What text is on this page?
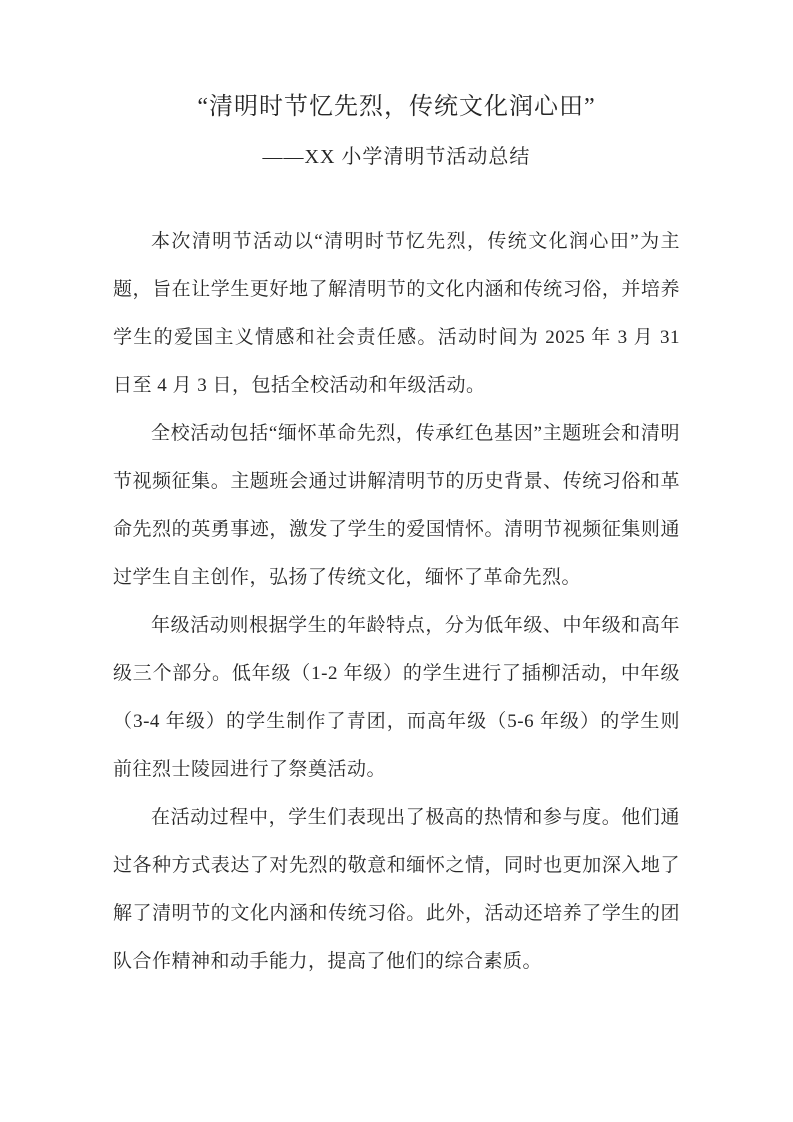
“清明时节忆先烈，传统文化润心田”
——XX 小学清明节活动总结

本次清明节活动以“清明时节忆先烈，传统文化润心田”为主题，旨在让学生更好地了解清明节的文化内涵和传统习俗，并培养学生的爱国主义情感和社会责任感。活动时间为 2025 年 3 月 31 日至 4 月 3 日，包括全校活动和年级活动。

全校活动包括“缅怀革命先烈，传承红色基因”主题班会和清明节视频征集。主题班会通过讲解清明节的历史背景、传统习俗和革命先烈的英勇事迹，激发了学生的爱国情怀。清明节视频征集则通过学生自主创作，弘扬了传统文化，缅怀了革命先烈。

年级活动则根据学生的年龄特点，分为低年级、中年级和高年级三个部分。低年级（1-2 年级）的学生进行了插柳活动，中年级（3-4 年级）的学生制作了青团，而高年级（5-6 年级）的学生则前往烈士陵园进行了祭奠活动。

在活动过程中，学生们表现出了极高的热情和参与度。他们通过各种方式表达了对先烈的敬意和缅怀之情，同时也更加深入地了解了清明节的文化内涵和传统习俗。此外，活动还培养了学生的团队合作精神和动手能力，提高了他们的综合素质。
